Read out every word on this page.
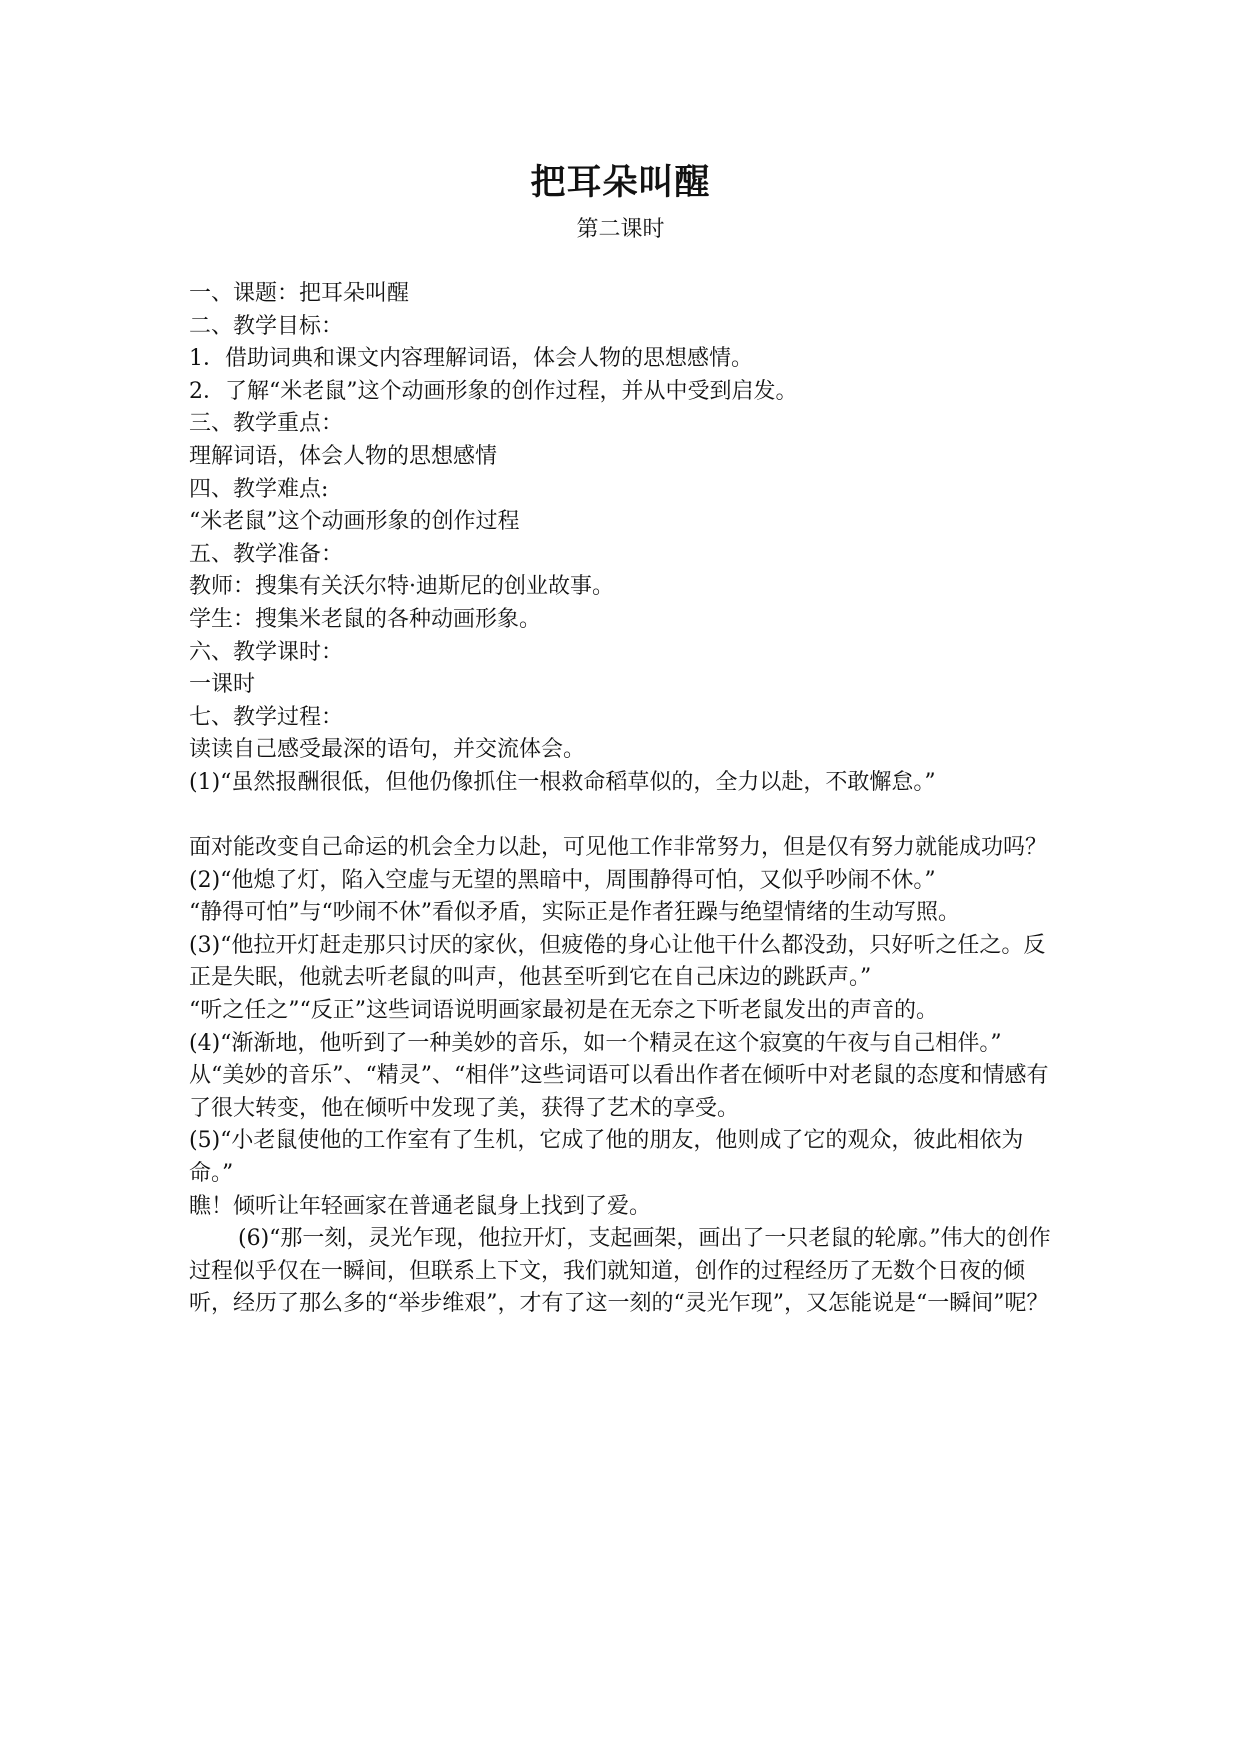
把耳朵叫醒
第二课时

一、课题：把耳朵叫醒

二、教学目标：

1．借助词典和课文内容理解词语，体会人物的思想感情。

2．了解“米老鼠”这个动画形象的创作过程，并从中受到启发。

三、教学重点：

理解词语，体会人物的思想感情

四、教学难点:

“米老鼠”这个动画形象的创作过程

五、教学准备：

教师：搜集有关沃尔特·迪斯尼的创业故事。

学生：搜集米老鼠的各种动画形象。

六、教学课时：

一课时

七、教学过程：

读读自己感受最深的语句，并交流体会。

(1)“虽然报酬很低，但他仍像抓住一根救命稻草似的，全力以赴，不敢懈怠。”

面对能改变自己命运的机会全力以赴，可见他工作非常努力，但是仅有努力就能成功吗？

(2)“他熄了灯，陷入空虚与无望的黑暗中，周围静得可怕，又似乎吵闹不休。”

“静得可怕”与“吵闹不休”看似矛盾，实际正是作者狂躁与绝望情绪的生动写照。

(3)“他拉开灯赶走那只讨厌的家伙，但疲倦的身心让他干什么都没劲，只好听之任之。反正是失眠，他就去听老鼠的叫声，他甚至听到它在自己床边的跳跃声。”

“听之任之”“反正”这些词语说明画家最初是在无奈之下听老鼠发出的声音的。

(4)“渐渐地，他听到了一种美妙的音乐，如一个精灵在这个寂寞的午夜与自己相伴。”

从“美妙的音乐”、“精灵”、“相伴”这些词语可以看出作者在倾听中对老鼠的态度和情感有了很大转变，他在倾听中发现了美，获得了艺术的享受。

(5)“小老鼠使他的工作室有了生机，它成了他的朋友，他则成了它的观众，彼此相依为命。”

瞧！倾听让年轻画家在普通老鼠身上找到了爱。

(6)“那一刻，灵光乍现，他拉开灯，支起画架，画出了一只老鼠的轮廓。”伟大的创作过程似乎仅在一瞬间，但联系上下文，我们就知道，创作的过程经历了无数个日夜的倾听，经历了那么多的“举步维艰”，才有了这一刻的“灵光乍现”，又怎能说是“一瞬间”呢？
